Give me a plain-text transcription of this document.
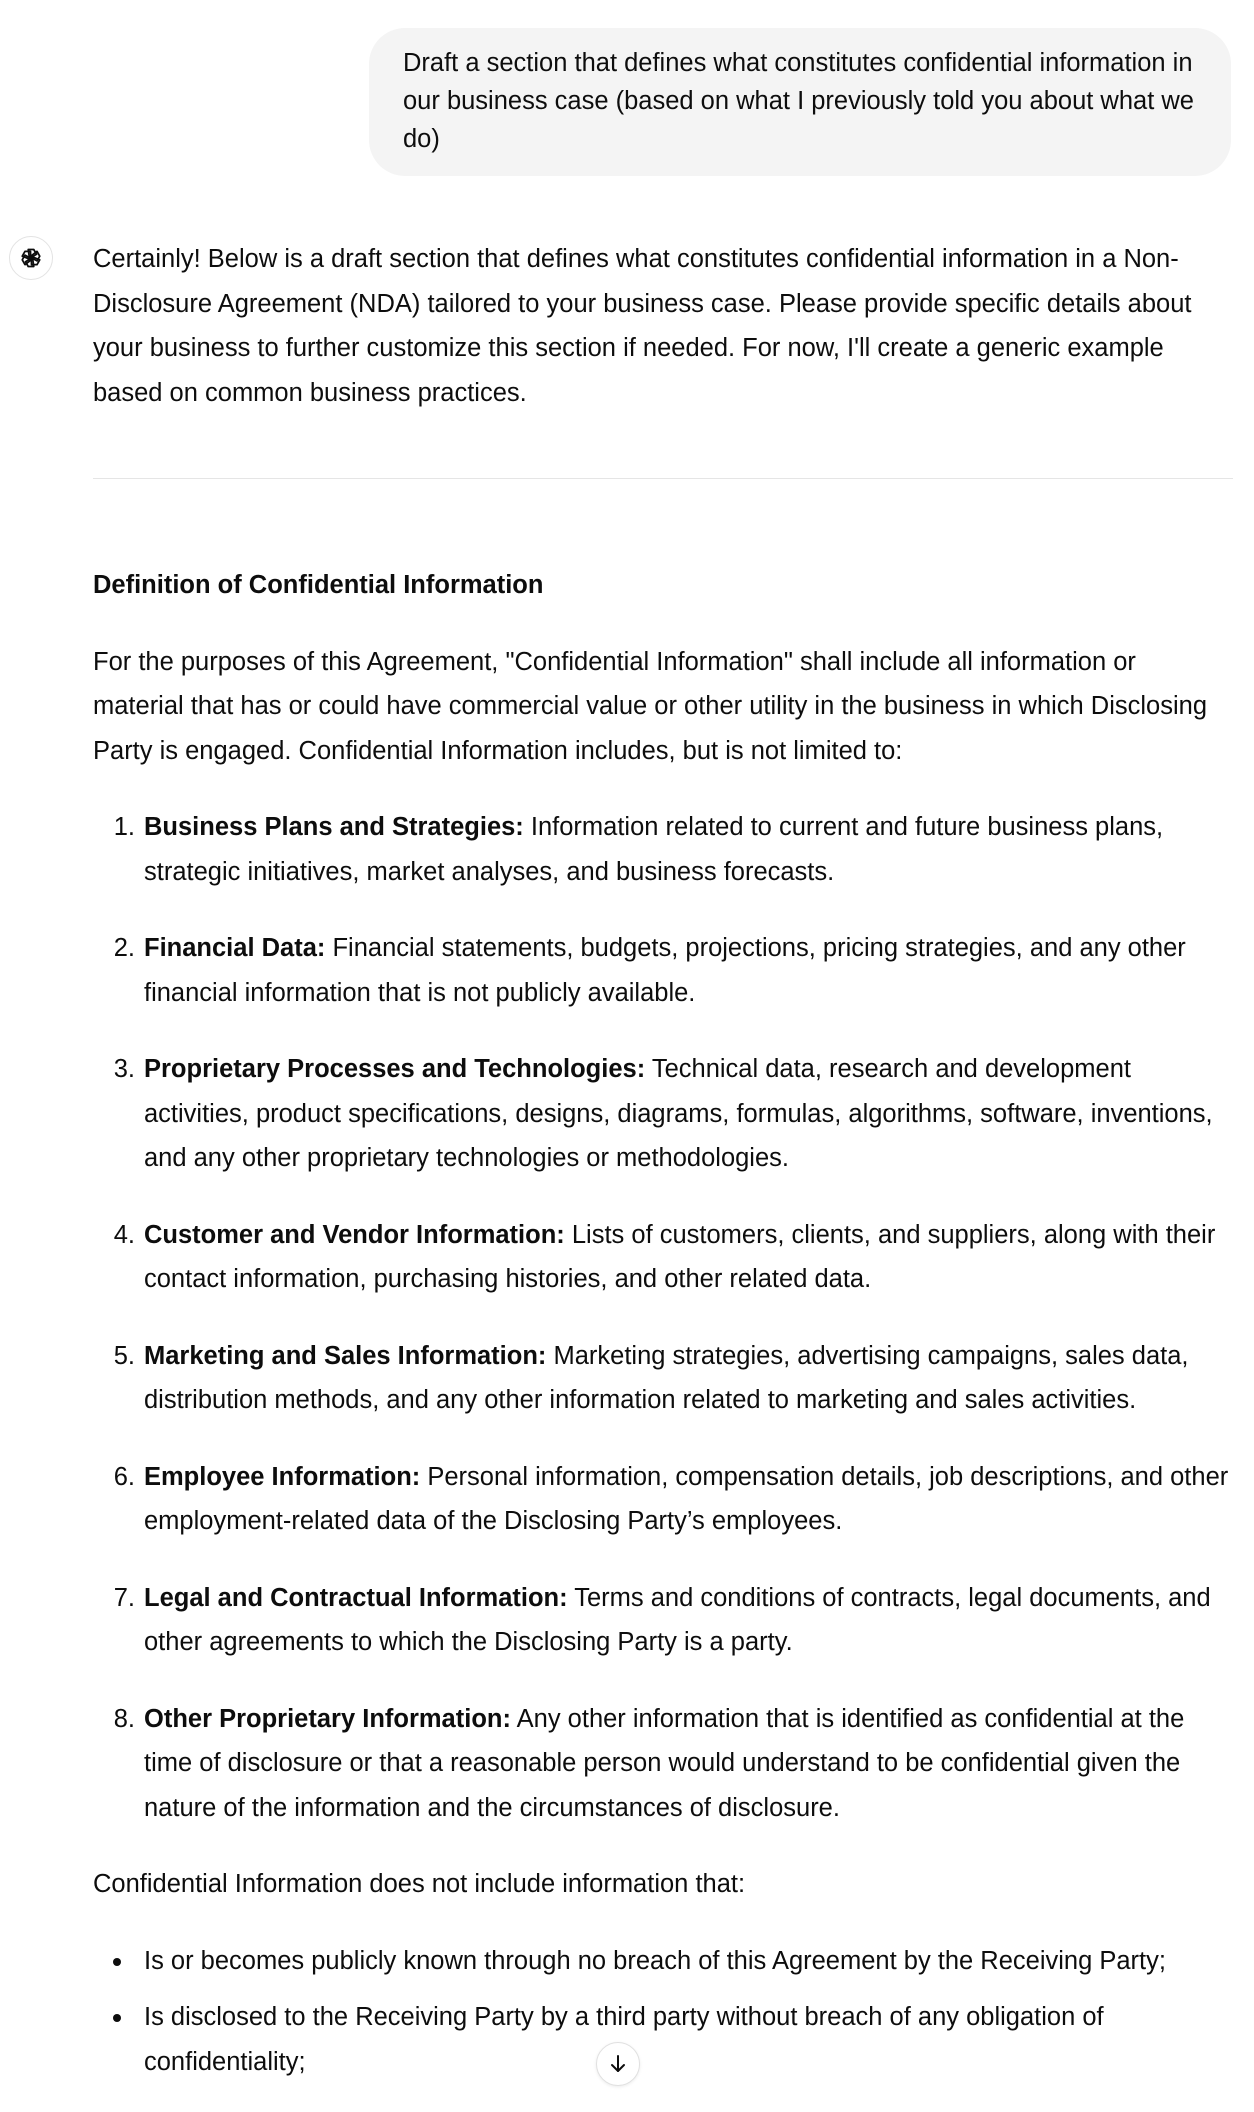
Draft a section that defines what constitutes confidential information in our business case (based on what I previously told you about what we do)

Certainly! Below is a draft section that defines what constitutes confidential information in a Non-Disclosure Agreement (NDA) tailored to your business case. Please provide specific details about your business to further customize this section if needed. For now, I'll create a generic example based on common business practices.

Definition of Confidential Information

For the purposes of this Agreement, "Confidential Information" shall include all information or material that has or could have commercial value or other utility in the business in which Disclosing Party is engaged. Confidential Information includes, but is not limited to:

Business Plans and Strategies: Information related to current and future business plans, strategic initiatives, market analyses, and business forecasts.
Financial Data: Financial statements, budgets, projections, pricing strategies, and any other financial information that is not publicly available.
Proprietary Processes and Technologies: Technical data, research and development activities, product specifications, designs, diagrams, formulas, algorithms, software, inventions, and any other proprietary technologies or methodologies.
Customer and Vendor Information: Lists of customers, clients, and suppliers, along with their contact information, purchasing histories, and other related data.
Marketing and Sales Information: Marketing strategies, advertising campaigns, sales data, distribution methods, and any other information related to marketing and sales activities.
Employee Information: Personal information, compensation details, job descriptions, and other employment-related data of the Disclosing Party’s employees.
Legal and Contractual Information: Terms and conditions of contracts, legal documents, and other agreements to which the Disclosing Party is a party.
Other Proprietary Information: Any other information that is identified as confidential at the time of disclosure or that a reasonable person would understand to be confidential given the nature of the information and the circumstances of disclosure.

Confidential Information does not include information that:

Is or becomes publicly known through no breach of this Agreement by the Receiving Party;
Is disclosed to the Receiving Party by a third party without breach of any obligation of confidentiality;
